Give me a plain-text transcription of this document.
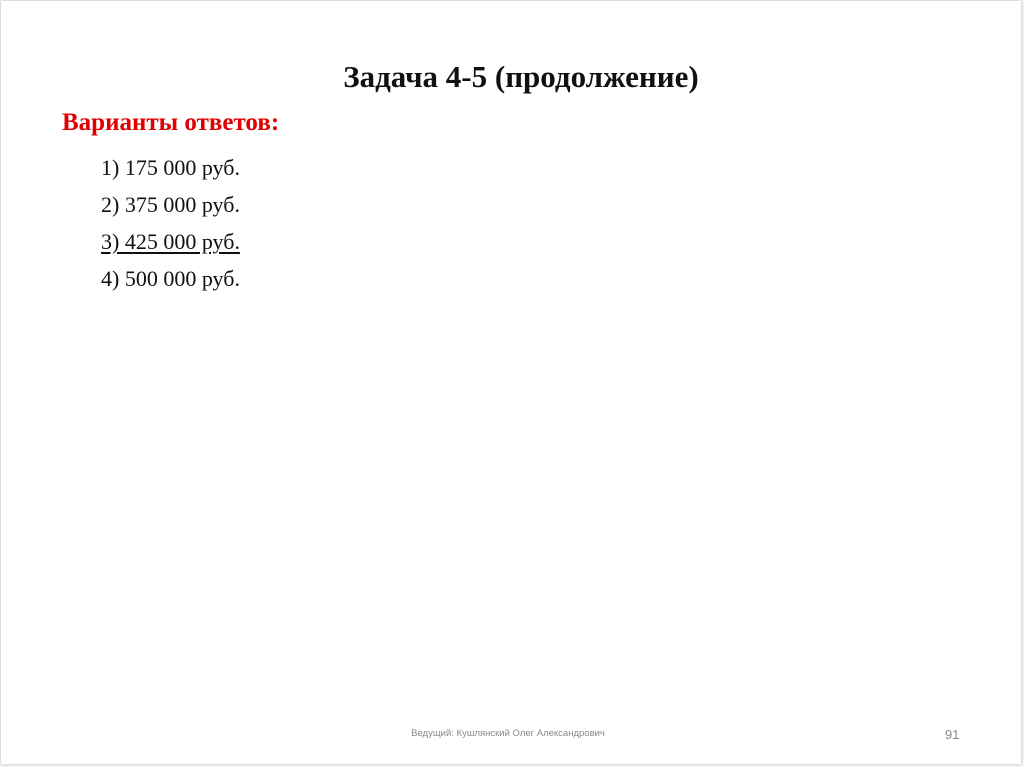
Задача 4-5 (продолжение)
Варианты ответов:
1) 175 000 руб.
2) 375 000 руб.
3) 425 000 руб.
4) 500 000 руб.
Ведущий: Кушлянский Олег Александрович	91
